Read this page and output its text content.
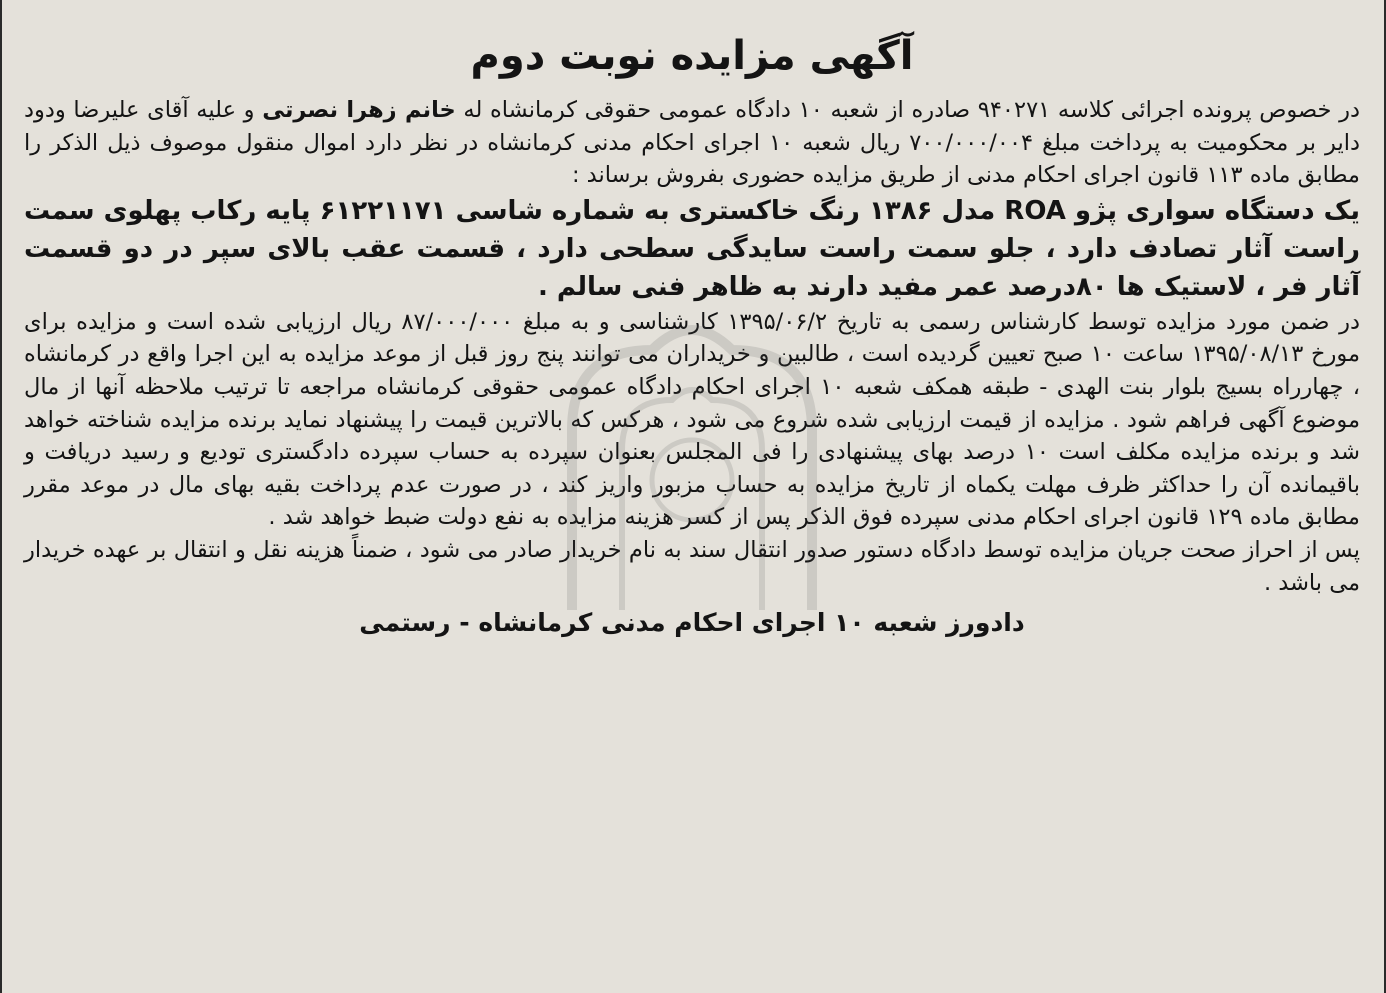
آگهی مزایده نوبت دوم

در خصوص پرونده اجرائی کلاسه ۹۴۰۲۷۱ صادره از شعبه ۱۰ دادگاه عمومی حقوقی کرمانشاه له خانم زهرا نصرتی و علیه آقای علیرضا ودود دایر بر محکومیت به پرداخت مبلغ ۷۰۰/۰۰۰/۰۰۴ ریال شعبه ۱۰ اجرای احکام مدنی کرمانشاه در نظر دارد اموال منقول موصوف ذیل الذکر را مطابق ماده ۱۱۳ قانون اجرای احکام مدنی از طریق مزایده حضوری بفروش برساند :

یک دستگاه سواری پژو ROA مدل ۱۳۸۶ رنگ خاکستری به شماره شاسی ۶۱۲۲۱۱۷۱ پایه رکاب پهلوی سمت راست آثار تصادف دارد ، جلو سمت راست سایدگی سطحی دارد ، قسمت عقب بالای سپر در دو قسمت آثار فر ، لاستیک ها ۸۰درصد عمر مفید دارند به ظاهر فنی سالم .

در ضمن مورد مزایده توسط کارشناس رسمی به تاریخ ۱۳۹۵/۰۶/۲ کارشناسی و به مبلغ ۸۷/۰۰۰/۰۰۰ ریال ارزیابی شده است و مزایده برای مورخ ۱۳۹۵/۰۸/۱۳ ساعت ۱۰ صبح تعیین گردیده است ، طالبین و خریداران می توانند پنج روز قبل از موعد مزایده به این اجرا واقع در کرمانشاه ، چهارراه بسیج بلوار بنت الهدی - طبقه همکف شعبه ۱۰ اجرای احکام دادگاه عمومی حقوقی کرمانشاه مراجعه تا ترتیب ملاحظه آنها از مال موضوع آگهی فراهم شود . مزایده از قیمت ارزیابی شده شروع می شود ، هرکس که بالاترین قیمت را پیشنهاد نماید برنده مزایده شناخته خواهد شد و برنده مزایده مکلف است ۱۰ درصد بهای پیشنهادی را فی المجلس بعنوان سپرده به حساب سپرده دادگستری تودیع و رسید دریافت و باقیمانده آن را حداکثر ظرف مهلت یکماه از تاریخ مزایده به حساب مزبور واریز کند ، در صورت عدم پرداخت بقیه بهای مال در موعد مقرر مطابق ماده ۱۲۹ قانون اجرای احکام مدنی سپرده فوق الذکر پس از کسر هزینه مزایده به نفع دولت ضبط خواهد شد .

پس از احراز صحت جریان مزایده توسط دادگاه دستور صدور انتقال سند به نام خریدار صادر می شود ، ضمناً هزینه نقل و انتقال بر عهده خریدار می باشد .

دادورز شعبه ۱۰ اجرای احکام مدنی کرمانشاه - رستمی
